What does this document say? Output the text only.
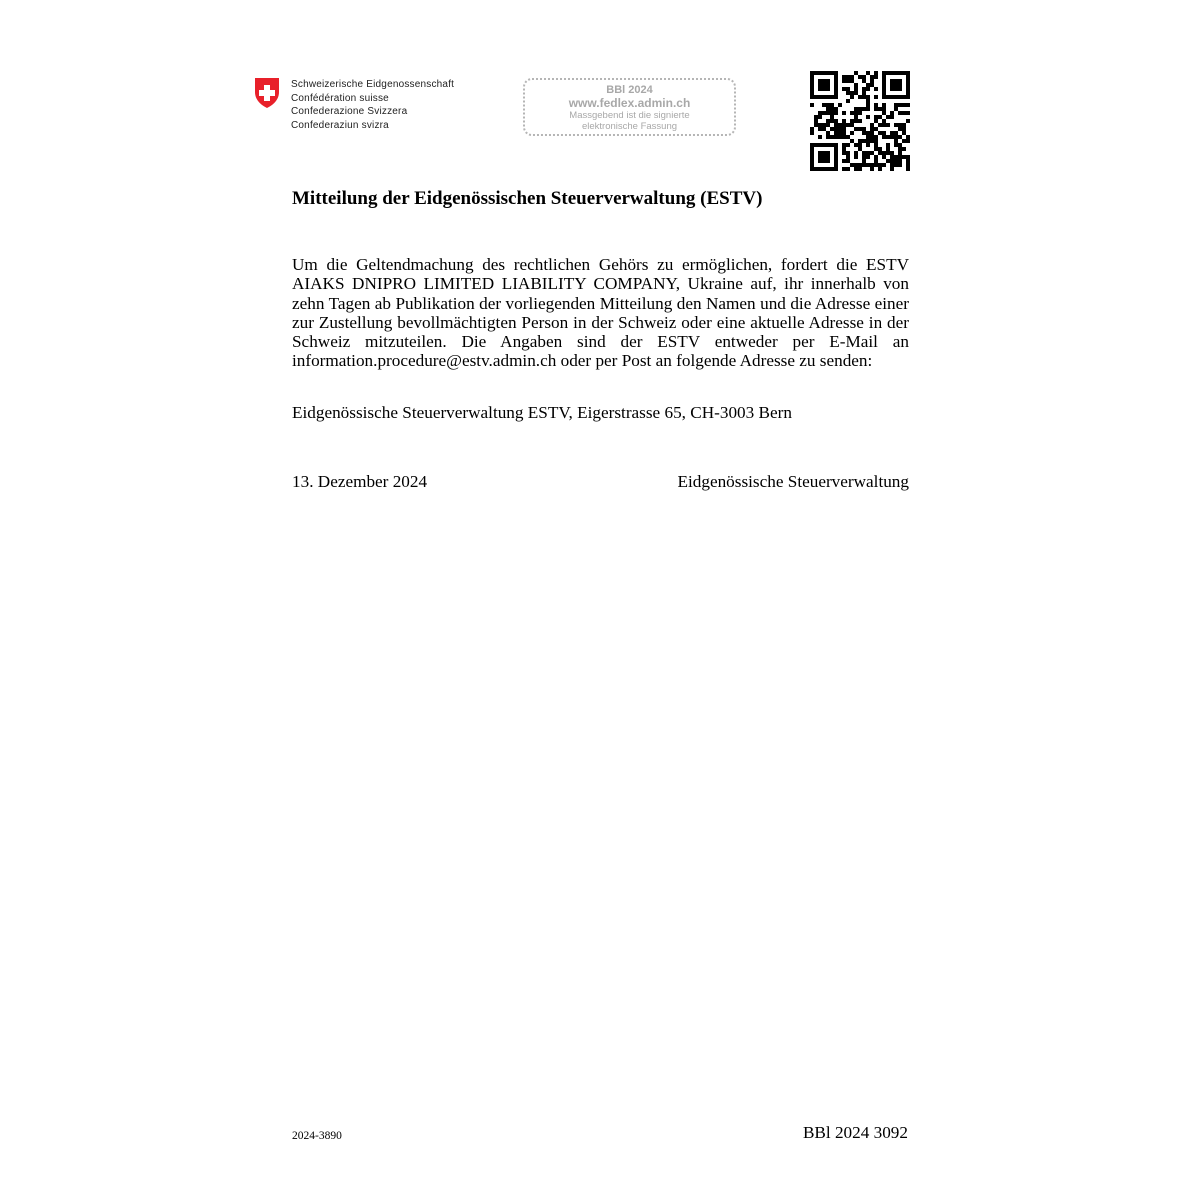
Schweizerische Eidgenossenschaft
Confédération suisse
Confederazione Svizzera
Confederaziun svizra
BBl 2024
www.fedlex.admin.ch
Massgebend ist die signierte
elektronische Fassung
Mitteilung der Eidgenössischen Steuerverwaltung (ESTV)
Um die Geltendmachung des rechtlichen Gehörs zu ermöglichen, fordert die ESTV AIAKS DNIPRO LIMITED LIABILITY COMPANY, Ukraine auf, ihr innerhalb von zehn Tagen ab Publikation der vorliegenden Mitteilung den Namen und die Adresse einer zur Zustellung bevollmächtigten Person in der Schweiz oder eine aktuelle Adresse in der Schweiz mitzuteilen. Die Angaben sind der ESTV entweder per E-Mail an information.procedure@estv.admin.ch oder per Post an folgende Adresse zu senden:
Eidgenössische Steuerverwaltung ESTV, Eigerstrasse 65, CH-3003 Bern
13. Dezember 2024	Eidgenössische Steuerverwaltung
2024-3890	BBl 2024 3092
